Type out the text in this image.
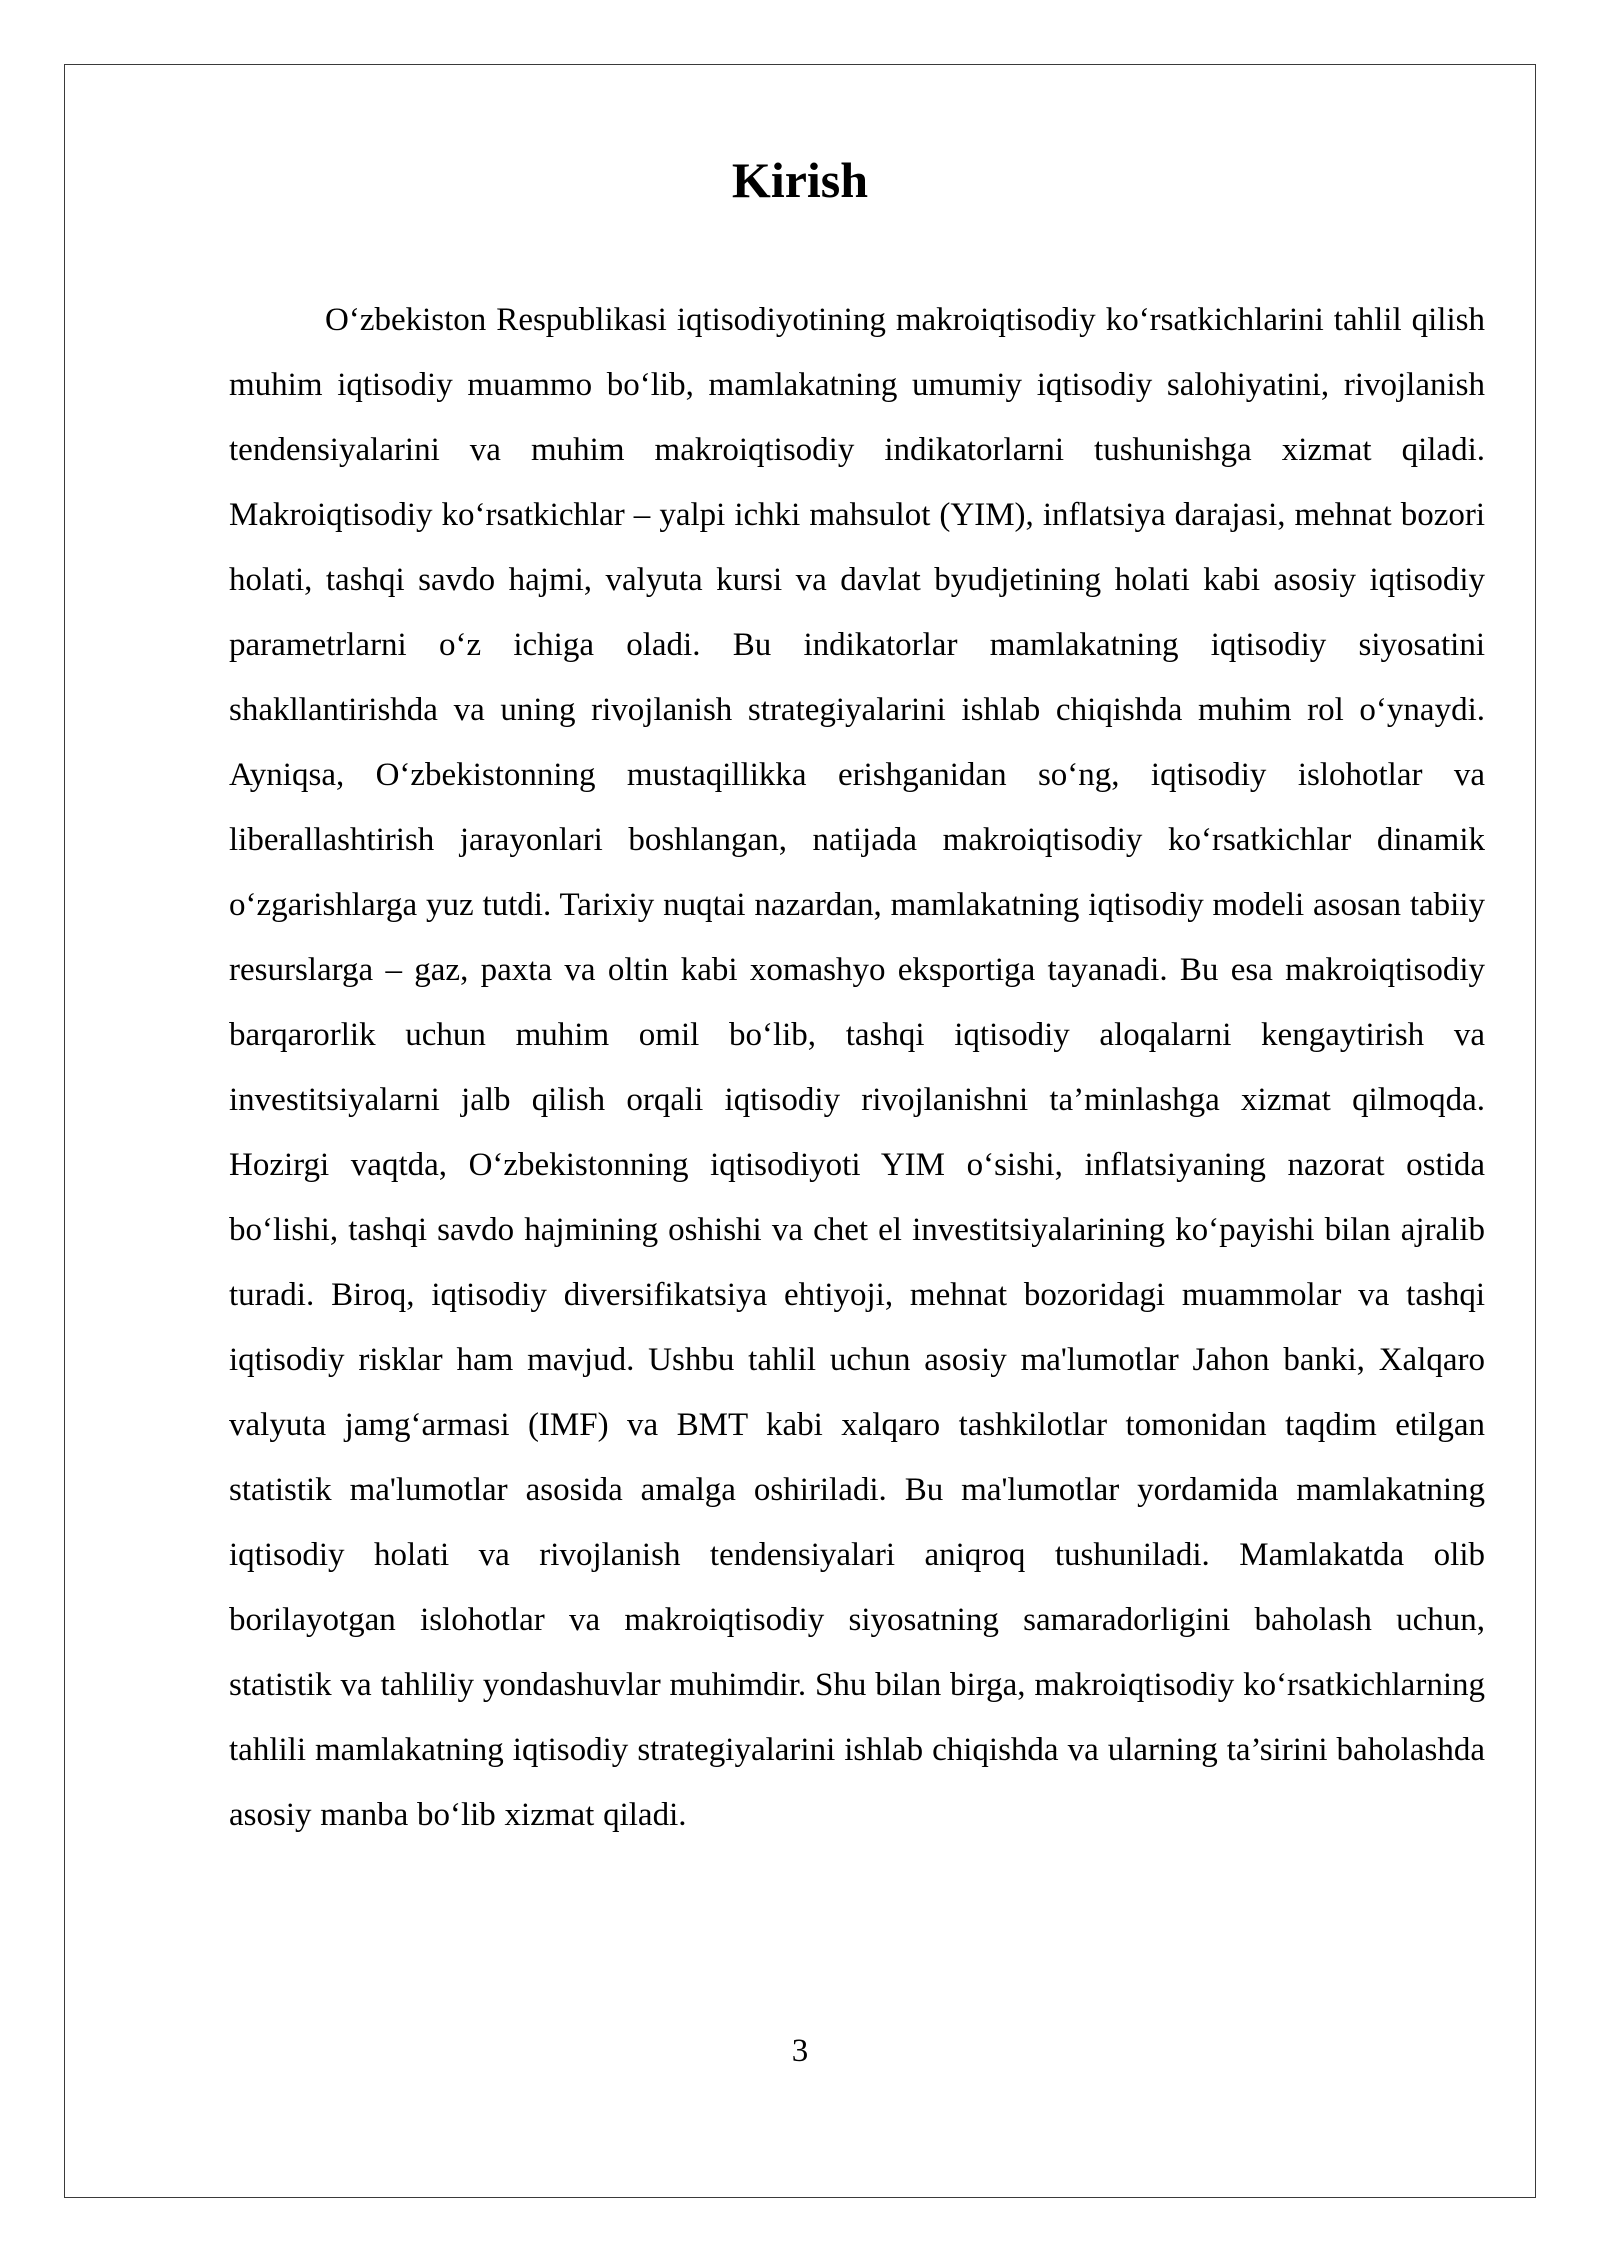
Kirish

O‘zbekiston Respublikasi iqtisodiyotining makroiqtisodiy ko‘rsatkichlarini tahlil qilish muhim iqtisodiy muammo bo‘lib, mamlakatning umumiy iqtisodiy salohiyatini, rivojlanish tendensiyalarini va muhim makroiqtisodiy indikatorlarni tushunishga xizmat qiladi. Makroiqtisodiy ko‘rsatkichlar – yalpi ichki mahsulot (YIM), inflatsiya darajasi, mehnat bozori holati, tashqi savdo hajmi, valyuta kursi va davlat byudjetining holati kabi asosiy iqtisodiy parametrlarni o‘z ichiga oladi. Bu indikatorlar mamlakatning iqtisodiy siyosatini shakllantirishda va uning rivojlanish strategiyalarini ishlab chiqishda muhim rol o‘ynaydi. Ayniqsa, O‘zbekistonning mustaqillikka erishganidan so‘ng, iqtisodiy islohotlar va liberallashtirish jarayonlari boshlangan, natijada makroiqtisodiy ko‘rsatkichlar dinamik o‘zgarishlarga yuz tutdi. Tarixiy nuqtai nazardan, mamlakatning iqtisodiy modeli asosan tabiiy resurslarga – gaz, paxta va oltin kabi xomashyo eksportiga tayanadi. Bu esa makroiqtisodiy barqarorlik uchun muhim omil bo‘lib, tashqi iqtisodiy aloqalarni kengaytirish va investitsiyalarni jalb qilish orqali iqtisodiy rivojlanishni ta’minlashga xizmat qilmoqda. Hozirgi vaqtda, O‘zbekistonning iqtisodiyoti YIM o‘sishi, inflatsiyaning nazorat ostida bo‘lishi, tashqi savdo hajmining oshishi va chet el investitsiyalarining ko‘payishi bilan ajralib turadi. Biroq, iqtisodiy diversifikatsiya ehtiyoji, mehnat bozoridagi muammolar va tashqi iqtisodiy risklar ham mavjud. Ushbu tahlil uchun asosiy ma'lumotlar Jahon banki, Xalqaro valyuta jamg‘armasi (IMF) va BMT kabi xalqaro tashkilotlar tomonidan taqdim etilgan statistik ma'lumotlar asosida amalga oshiriladi. Bu ma'lumotlar yordamida mamlakatning iqtisodiy holati va rivojlanish tendensiyalari aniqroq tushuniladi. Mamlakatda olib borilayotgan islohotlar va makroiqtisodiy siyosatning samaradorligini baholash uchun, statistik va tahliliy yondashuvlar muhimdir. Shu bilan birga, makroiqtisodiy ko‘rsatkichlarning tahlili mamlakatning iqtisodiy strategiyalarini ishlab chiqishda va ularning ta’sirini baholashda asosiy manba bo‘lib xizmat qiladi.

3
